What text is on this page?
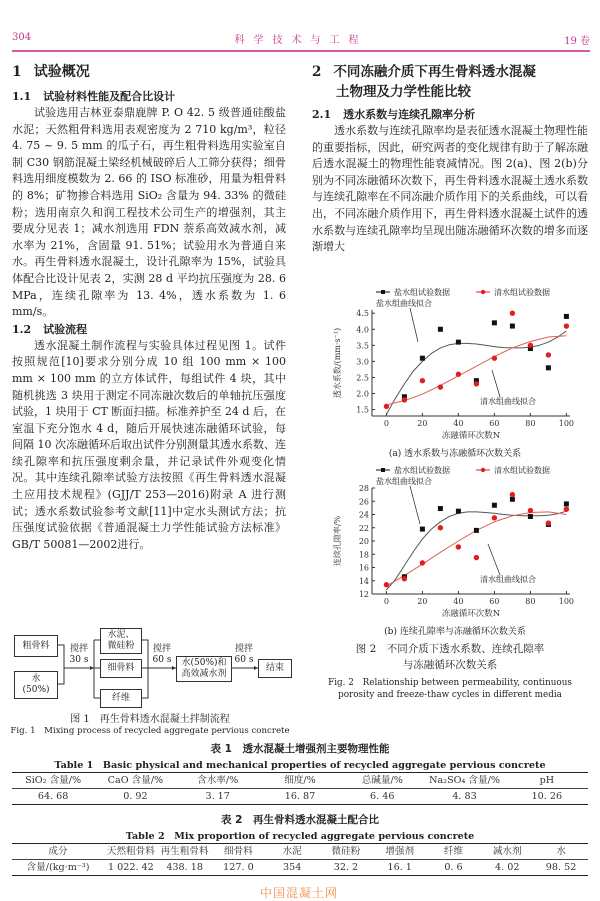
304	科学技术与工程	19 卷
1 试验概况
1.1 试验材料性能及配合比设计

试验选用吉林亚泰鼎鹿牌 P. O 42. 5 级普通硅酸盐水泥；天然粗骨料选用表观密度为 2 710 kg/m³，粒径 4. 75 ~ 9. 5 mm 的瓜子石，再生粗骨料选用实验室自制 C30 钢筋混凝土梁经机械破碎后人工筛分获得；细骨料选用细度模数为 2. 66 的 ISO 标准砂，用量为粗骨料的 8%；矿物掺合料选用 SiO₂ 含量为 94. 33% 的微硅粉；选用南京久和润工程技术公司生产的增强剂，其主要成分见表 1；减水剂选用 FDN 萘系高效减水剂，减水率为 21%，含固量 91. 51%；试验用水为普通自来水。再生骨料透水混凝土，设计孔隙率为 15%，试验具体配合比设计见表 2，实测 28 d 平均抗压强度为 28. 6 MPa，连续孔隙率为 13. 4%，透水系数为 1. 6 mm/s。

1.2 试验流程

透水混凝土制作流程与实验具体过程见图 1。试件按照规范[10]要求分别分成 10 组 100 mm × 100 mm × 100 mm 的立方体试件，每组试件 4 块，其中随机挑选 3 块用于测定不同冻融次数后的单轴抗压强度试验，1 块用于 CT 断面扫描。标准养护至 24 d 后，在室温下充分饱水 4 d，随后开展快速冻融循环试验，每间隔 10 次冻融循环后取出试件分别测量其透水系数、连续孔隙率和抗压强度剩余量，并记录试件外观变化情况。其中连续孔隙率试验方法按照《再生骨料透水混凝土应用技术规程》(GJJ/T 253—2016)附录 A 进行测试；透水系数试验参考文献[11]中定水头测试方法；抗压强度试验依据《普通混凝土力学性能试验方法标准》GB/T 50081—2002进行。

粗骨料
水
(50%)
搅拌
30 s
水泥、
微硅粉
细骨料
纤维
搅拌
60 s	水(50%)和
高效减水剂
搅拌
60 s
结束
图 1　再生骨料透水混凝土拌制流程
Fig. 1　Mixing process of recycled aggregate pervious concrete
2 不同冻融介质下再生骨料透水混凝
土物理及力学性能比较
2.1 透水系数与连续孔隙率分析

透水系数与连续孔隙率均是表征透水混凝土物理性能的重要指标，因此，研究两者的变化规律有助于了解冻融后透水混凝土的物理性能衰减情况。图 2(a)、图 2(b)分别为不同冻融循环次数下，再生骨料透水混凝土透水系数与连续孔隙率在不同冻融介质作用下的关系曲线，可以看出，不同冻融介质作用下，再生骨料透水混凝土试件的透水系数与连续孔隙率均呈现出随冻融循环次数的增多而逐渐增大

0	20	40	60	80	100
1.5
2.0
2.5
3.0
3.5
4.0
4.5
冻融循环次数N
透水系数/(mm·s⁻¹)
盐水组试验数据	清水组试验数据
盐水组曲线拟合
清水组曲线拟合
(a) 透水系数与冻融循环次数关系
0	20	40	60	80	100
12
14
16
18
20
22
24
26
28
冻融循环次数N
连续孔隙率/%
盐水组试验数据	清水组试验数据
盐水组曲线拟合
清水组曲线拟合
(b) 连续孔隙率与冻融循环次数关系
图 2　不同介质下透水系数、连续孔隙率
与冻融循环次数关系
Fig. 2　Relationship between permeability, continuous
porosity and freeze-thaw cycles in different media
表 1　透水混凝土增强剂主要物理性能
Table 1　Basic physical and mechanical properties of recycled aggregate pervious concrete
SiO₂ 含量/%	CaO 含量/%	含水率/%	细度/%	总碱量/%	Na₂SO₄ 含量/%	pH
64. 68	0. 92	3. 17	16. 87	6. 46	4. 83	10. 26
表 2　再生骨料透水混凝土配合比
Table 2　Mix proportion of recycled aggregate pervious concrete
成分	天然粗骨料	再生粗骨料	细骨料	水泥	微硅粉	增强剂	纤维	减水剂	水
含量/(kg·m⁻³)	1 022. 42	438. 18	127. 0	354	32. 2	16. 1	0. 6	4. 02	98. 52
中国混凝土网
